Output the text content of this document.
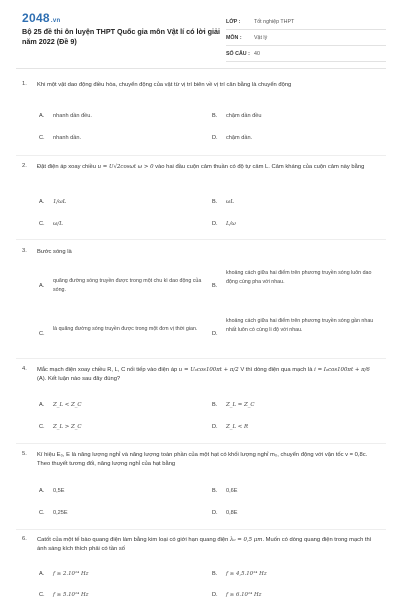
2048.vn
Bộ 25 đề thi ôn luyện THPT Quốc gia môn Vật lí có lời giải năm 2022 (Đề 9)
LỚP :	Tốt nghiệp THPT
MÔN :	Vật lý
SỐ CÂU : 40
1. Khi một vật dao động điều hòa, chuyển động của vật từ vị trí biên về vị trí cân bằng là chuyển động
A. nhanh dần đều.	B. chậm dần đều
C. nhanh dần.	D. chậm dần.
2. Đặt điện áp xoay chiều u = U√2cosωt ω > 0 vào hai đầu cuộn cảm thuần có độ tự cảm L. Cảm kháng của cuộn cảm này bằng
A. 1/ωL	B. ωL
C. ω/L	D. L/ω
3. Bước sóng là
A.
quãng đường sóng truyền được trong một chu kì dao động của sóng.
B.
khoảng cách giữa hai điểm trên phương truyền sóng luôn dao động cùng pha với nhau.
C.
là quãng đường sóng truyền được trong một đơn vị thời gian.
D.
khoảng cách giữa hai điểm trên phương truyền sóng gần nhau nhất luôn có cùng li độ với nhau.
4. Mắc mạch điện xoay chiều R, L, C nối tiếp vào điện áp u = U₀cos100πt + π/2 V thì dòng điện qua mạch là i = I₀cos100πt + π/6 (A). Kết luận nào sau đây đúng?
A. Z_L < Z_C	B. Z_L = Z_C
C. Z_L > Z_C	D. Z_L < R
5. Kí hiệu E₀, E là năng lượng nghỉ và năng lượng toàn phần của một hạt có khối lượng nghỉ m₀, chuyển động với vận tốc v = 0,8c. Theo thuyết tương đối, năng lượng nghỉ của hạt bằng
A. 0,5E	B. 0,6E
C. 0,25E	D. 0,8E
6. Catốt của một tế bào quang điện làm bằng kim loại có giới hạn quang điện λ₀ = 0,5 μm. Muốn có dòng quang điện trong mạch thì ánh sáng kích thích phải có tần số
A. f ≥ 2.10¹⁴ Hz	B. f ≥ 4,5.10¹⁴ Hz
C. f ≥ 5.10¹⁴ Hz	D. f ≥ 6.10¹⁴ Hz
